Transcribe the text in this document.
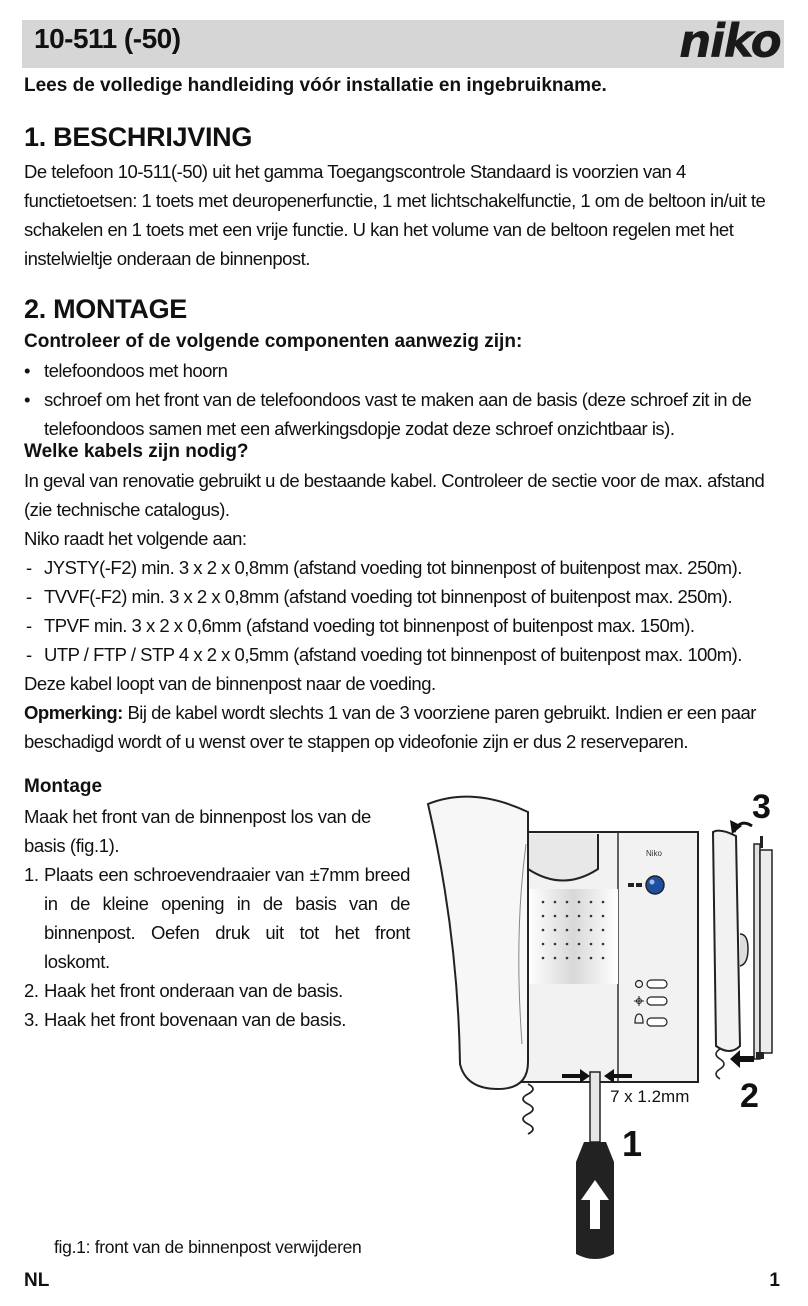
10-511 (-50)	niko
Lees de volledige handleiding vóór installatie en ingebruikname.
1. BESCHRIJVING

De telefoon 10-511(-50) uit het gamma Toegangscontrole Standaard is voorzien van 4 functietoetsen: 1 toets met deuropenerfunctie, 1 met lichtschakelfunctie, 1 om de beltoon in/uit te schakelen en 1 toets met een vrije functie. U kan het volume van de beltoon regelen met het instelwieltje onderaan de binnenpost.

2. MONTAGE
Controleer of de volgende componenten aanwezig zijn:

• telefoondoos met hoorn

• schroef om het front van de telefoondoos vast te maken aan de basis (deze schroef zit in de telefoondoos samen met een afwerkingsdopje zodat deze schroef onzichtbaar is).

Welke kabels zijn nodig?

In geval van renovatie gebruikt u de bestaande kabel. Controleer de sectie voor de max. afstand (zie technische catalogus).

Niko raadt het volgende aan:

- JYSTY(-F2) min. 3 x 2 x 0,8mm (afstand voeding tot binnenpost of buitenpost max. 250m).

- TVVF(-F2) min. 3 x 2 x 0,8mm (afstand voeding tot binnenpost of buitenpost max. 250m).

- TPVF min. 3 x 2 x 0,6mm (afstand voeding tot binnenpost of buitenpost max. 150m).

- UTP / FTP / STP 4 x 2 x 0,5mm (afstand voeding tot binnenpost of buitenpost max. 100m).

Deze kabel loopt van de binnenpost naar de voeding.

Opmerking: Bij de kabel wordt slechts 1 van de 3 voorziene paren gebruikt. Indien er een paar beschadigd wordt of u wenst over te stappen op videofonie zijn er dus 2 reserveparen.

Montage

Maak het front van de binnenpost los van de basis (fig.1).

1. Plaats een schroevendraaier van ±7mm breed in de kleine opening in de basis van de binnenpost. Oefen druk uit tot het front loskomt.

2. Haak het front onderaan van de basis.

3. Haak het front bovenaan van de basis.

Niko
7 x 1.2mm
1
2
3
fig.1: front van de binnenpost verwijderen
NL	1
